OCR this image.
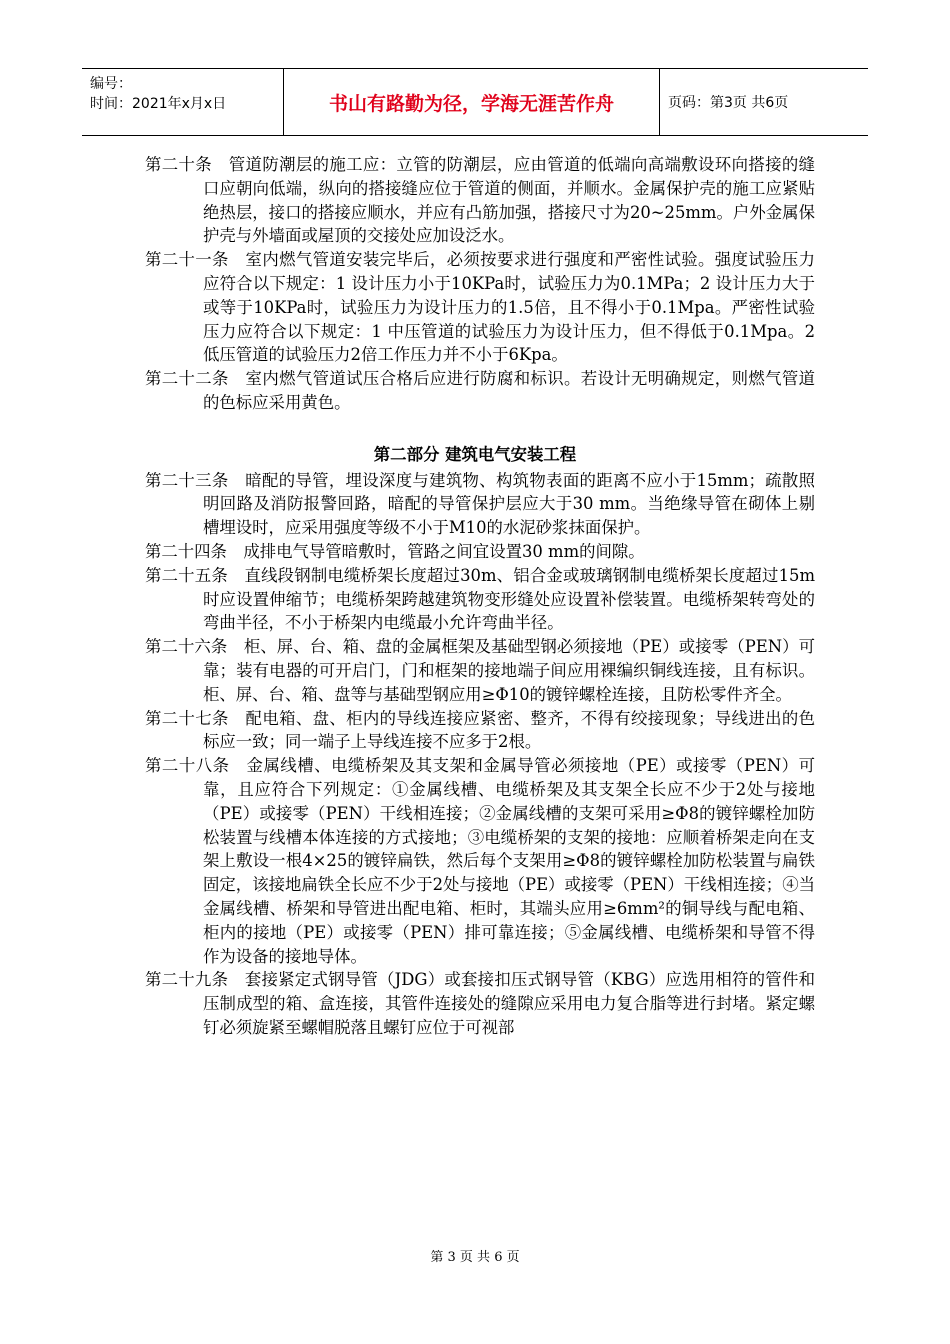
编号：
时间：2021年x月x日	书山有路勤为径，学海无涯苦作舟	页码：第3页 共6页

第二十条　管道防潮层的施工应：立管的防潮层，应由管道的低端向高端敷设环向搭接的缝口应朝向低端，纵向的搭接缝应位于管道的侧面，并顺水。金属保护壳的施工应紧贴绝热层，接口的搭接应顺水，并应有凸筋加强，搭接尺寸为20~25mm。户外金属保护壳与外墙面或屋顶的交接处应加设泛水。

第二十一条　室内燃气管道安装完毕后，必须按要求进行强度和严密性试验。强度试验压力应符合以下规定：1 设计压力小于10KPa时，试验压力为0.1MPa；2 设计压力大于或等于10KPa时，试验压力为设计压力的1.5倍，且不得小于0.1Mpa。严密性试验压力应符合以下规定：1 中压管道的试验压力为设计压力，但不得低于0.1Mpa。2 低压管道的试验压力2倍工作压力并不小于6Kpa。

第二十二条　室内燃气管道试压合格后应进行防腐和标识。若设计无明确规定，则燃气管道的色标应采用黄色。

第二部分 建筑电气安装工程

第二十三条　暗配的导管，埋设深度与建筑物、构筑物表面的距离不应小于15mm；疏散照明回路及消防报警回路，暗配的导管保护层应大于30 mm。当绝缘导管在砌体上剔槽埋设时，应采用强度等级不小于M10的水泥砂浆抹面保护。

第二十四条　成排电气导管暗敷时，管路之间宜设置30 mm的间隙。

第二十五条　直线段钢制电缆桥架长度超过30m、铝合金或玻璃钢制电缆桥架长度超过15m时应设置伸缩节；电缆桥架跨越建筑物变形缝处应设置补偿装置。电缆桥架转弯处的弯曲半径，不小于桥架内电缆最小允许弯曲半径。

第二十六条　柜、屏、台、箱、盘的金属框架及基础型钢必须接地（PE）或接零（PEN）可靠；装有电器的可开启门，门和框架的接地端子间应用裸编织铜线连接，且有标识。柜、屏、台、箱、盘等与基础型钢应用≥Φ10的镀锌螺栓连接，且防松零件齐全。

第二十七条　配电箱、盘、柜内的导线连接应紧密、整齐，不得有绞接现象；导线进出的色标应一致；同一端子上导线连接不应多于2根。

第二十八条　金属线槽、电缆桥架及其支架和金属导管必须接地（PE）或接零（PEN）可靠，且应符合下列规定：①金属线槽、电缆桥架及其支架全长应不少于2处与接地（PE）或接零（PEN）干线相连接；②金属线槽的支架可采用≥Φ8的镀锌螺栓加防松装置与线槽本体连接的方式接地；③电缆桥架的支架的接地：应顺着桥架走向在支架上敷设一根4×25的镀锌扁铁，然后每个支架用≥Φ8的镀锌螺栓加防松装置与扁铁固定，该接地扁铁全长应不少于2处与接地（PE）或接零（PEN）干线相连接；④当金属线槽、桥架和导管进出配电箱、柜时，其端头应用≥6mm²的铜导线与配电箱、柜内的接地（PE）或接零（PEN）排可靠连接；⑤金属线槽、电缆桥架和导管不得作为设备的接地导体。

第二十九条　套接紧定式钢导管（JDG）或套接扣压式钢导管（KBG）应选用相符的管件和压制成型的箱、盒连接，其管件连接处的缝隙应采用电力复合脂等进行封堵。紧定螺钉必须旋紧至螺帽脱落且螺钉应位于可视部

第 3 页 共 6 页
